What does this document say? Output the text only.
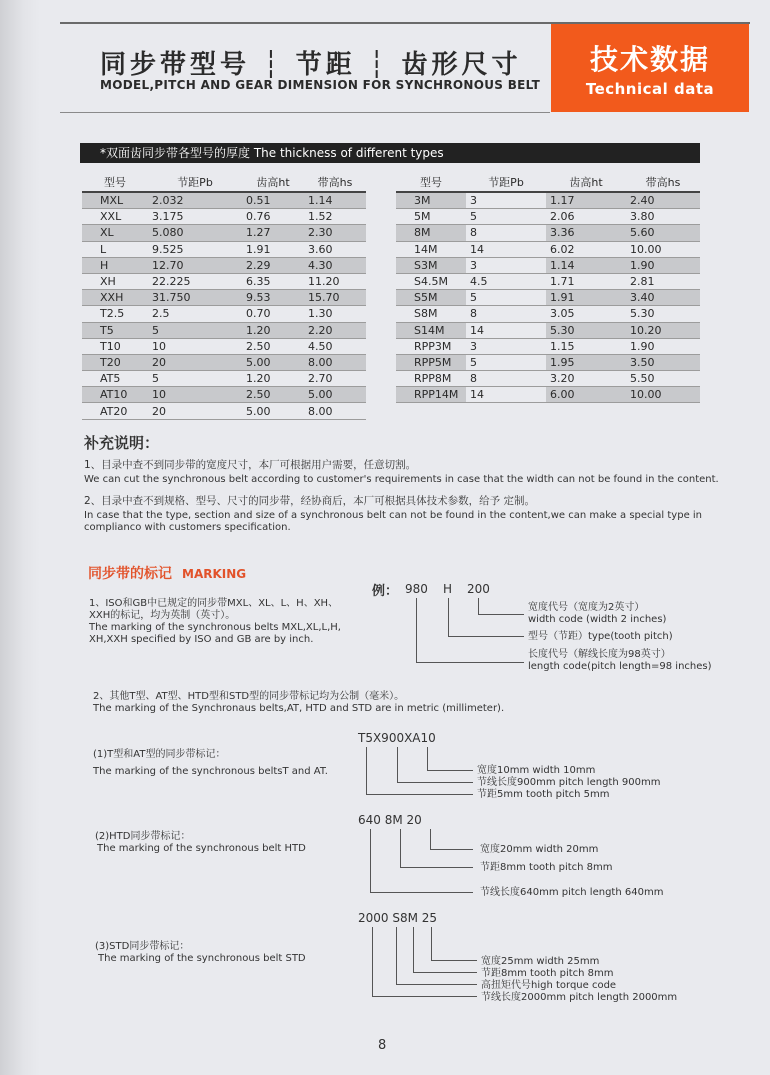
同步带型号 ┆ 节距 ┆ 齿形尺寸
MODEL,PITCH AND GEAR DIMENSION FOR SYNCHRONOUS BELT
技术数据
Technical data
*双面齿同步带各型号的厚度 The thickness of different types
型号	节距Pb	齿高ht	带高hs
MXL	2.032	0.51	1.14
XXL	3.175	0.76	1.52
XL	5.080	1.27	2.30
L	9.525	1.91	3.60
H	12.70	2.29	4.30
XH	22.225	6.35	11.20
XXH	31.750	9.53	15.70
T2.5	2.5	0.70	1.30
T5	5	1.20	2.20
T10	10	2.50	4.50
T20	20	5.00	8.00
AT5	5	1.20	2.70
AT10	10	2.50	5.00
AT20	20	5.00	8.00
型号	节距Pb	齿高ht	带高hs
3M	3	1.17	2.40
5M	5	2.06	3.80
8M	8	3.36	5.60
14M	14	6.02	10.00
S3M	3	1.14	1.90
S4.5M	4.5	1.71	2.81
S5M	5	1.91	3.40
S8M	8	3.05	5.30
S14M	14	5.30	10.20
RPP3M	3	1.15	1.90
RPP5M	5	1.95	3.50
RPP8M	8	3.20	5.50
RPP14M	14	6.00	10.00
补充说明：
1、目录中查不到同步带的宽度尺寸，本厂可根据用户需要，任意切割。
We can cut the synchronous belt according to customer's requirements in case that the width can not be found in the content.
2、目录中查不到规格、型号、尺寸的同步带，经协商后，本厂可根据具体技术参数，给予 定制。
In case that the type, section and size of a synchronous belt can not be found in the content,we can make a special type in
complianco with customers specification.
同步带的标记 MARKING
例： 980 H 200
宽度代号（宽度为2英寸）
width code (width 2 inches)
型号（节距）type(tooth pitch)
长度代号（解线长度为98英寸）
length code(pitch length=98 inches)
1、ISO和GB中已规定的同步带MXL、XL、L、H、XH、
XXH的标记，均为英制（英寸）。
The marking of the synchronous belts MXL,XL,L,H,
XH,XXH specified by ISO and GB are by inch.
2、其他T型、AT型、HTD型和STD型的同步带标记均为公制（毫米）。
The marking of the Synchronaus belts,AT, HTD and STD are in metric (millimeter).
T5X900XA10
(1)T型和AT型的同步带标记：
The marking of the synchronous beltsT and AT.	宽度10mm width 10mm
节线长度900mm pitch length 900mm
节距5mm tooth pitch 5mm
640 8M 20
(2)HTD同步带标记：
The marking of the synchronous belt HTD	宽度20mm width 20mm
节距8mm tooth pitch 8mm
节线长度640mm pitch length 640mm
2000 S8M 25
(3)STD同步带标记：
The marking of the synchronous belt STD	宽度25mm width 25mm
节距8mm tooth pitch 8mm
高扭矩代号high torque code
节线长度2000mm pitch length 2000mm
8
